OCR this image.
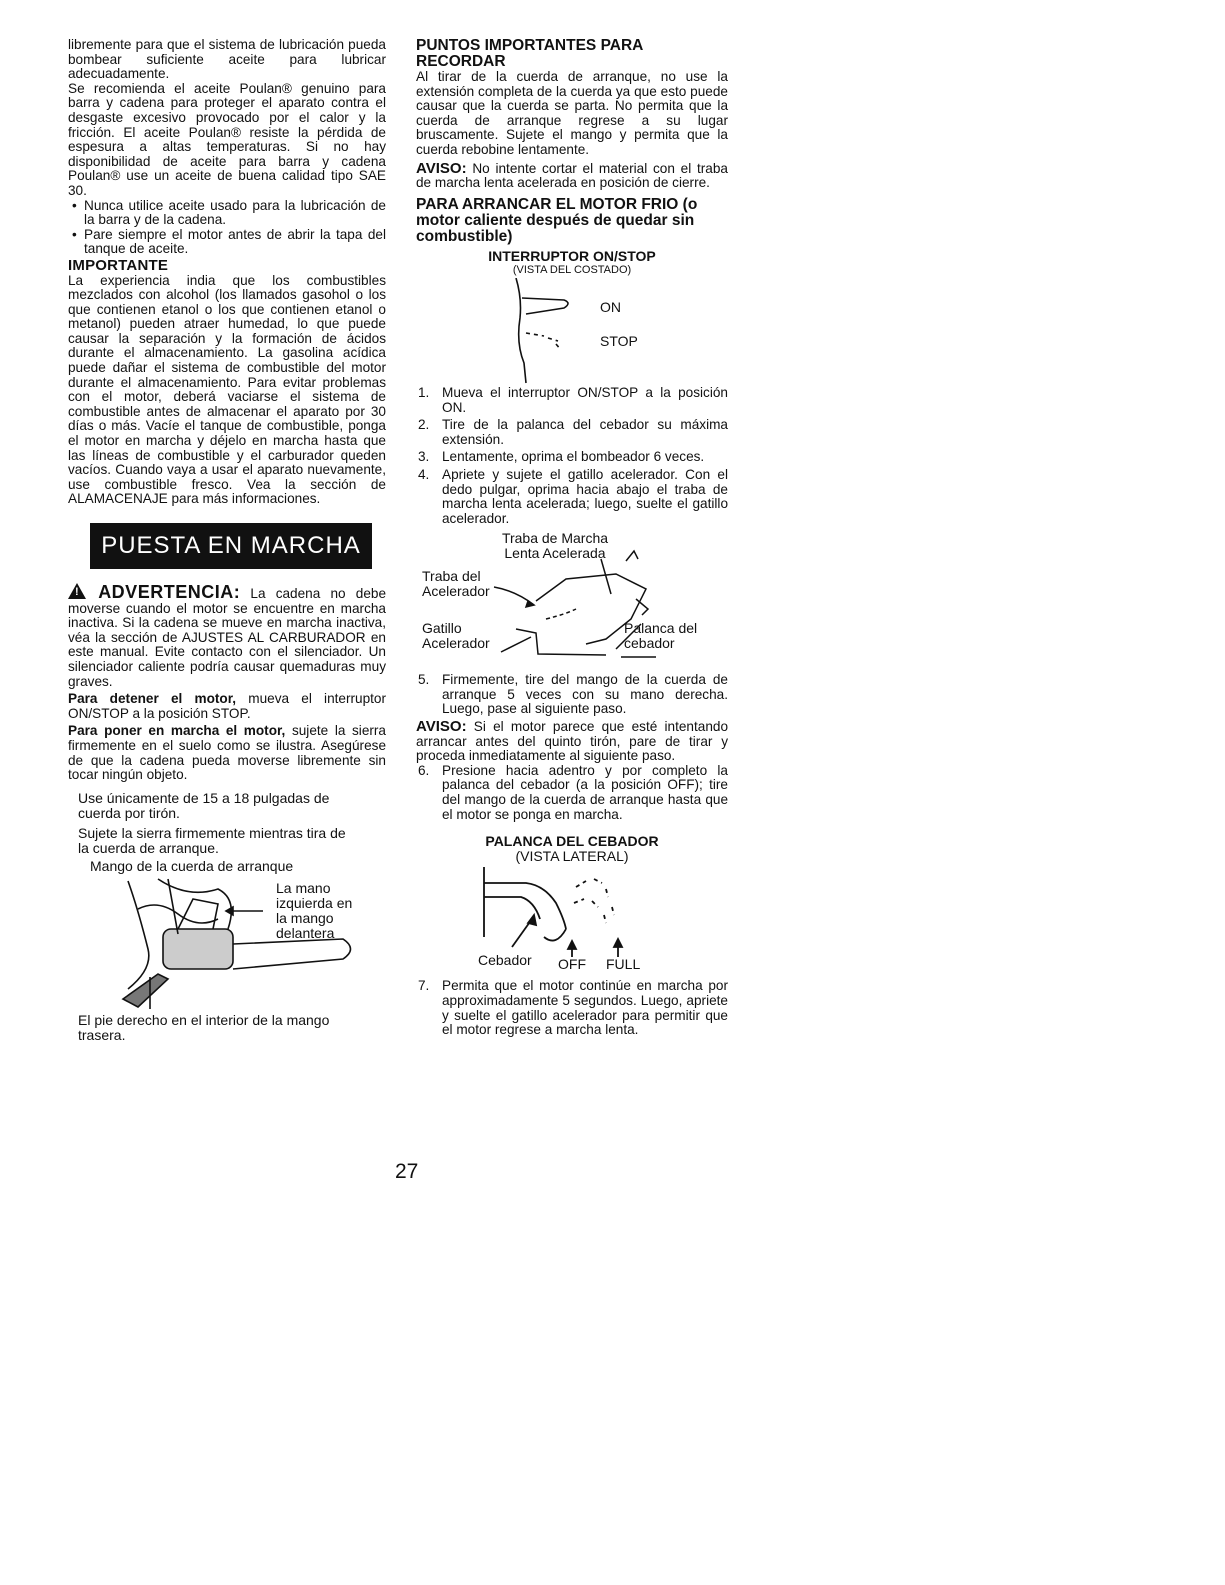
libremente para que el sistema de lubricación pueda bombear suficiente aceite para lubricar adecuadamente.

Se recomienda el aceite Poulan® genuino para barra y cadena para proteger el aparato contra el desgaste excesivo provocado por el calor y la fricción. El aceite Poulan® resiste la pérdida de espesura a altas temperaturas. Si no hay disponibilidad de aceite para barra y cadena Poulan® use un aceite de buena calidad tipo SAE 30.

• Nunca utilice aceite usado para la lubricación de la barra y de la cadena.
• Pare siempre el motor antes de abrir la tapa del tanque de aceite.
IMPORTANTE

La experiencia india que los combustibles mezclados con alcohol (los llamados gasohol o los que contienen etanol o los que contienen etanol o metanol) pueden atraer humedad, lo que puede causar la separación y la formación de ácidos durante el almacenamiento. La gasolina acídica puede dañar el sistema de combustible del motor durante el almacenamiento. Para evitar problemas con el motor, deberá vaciarse el sistema de combustible antes de almacenar el aparato por 30 días o más. Vacíe el tanque de combustible, ponga el motor en marcha y déjelo en marcha hasta que las líneas de combustible y el carburador queden vacíos. Cuando vaya a usar el aparato nuevamente, use combustible fresco. Vea la sección de ALAMACENAJE para más informaciones.

PUESTA EN MARCHA

! ADVERTENCIA: La cadena no debe moverse cuando el motor se encuentre en marcha inactiva. Si la cadena se mueve en marcha inactiva, véa la sección de AJUSTES AL CARBURADOR en este manual. Evite contacto con el silenciador. Un silenciador caliente podría causar quemaduras muy graves.

Para detener el motor, mueva el interruptor ON/STOP a la posición STOP.

Para poner en marcha el motor, sujete la sierra firmemente en el suelo como se ilustra. Asegúrese de que la cadena pueda moverse libremente sin tocar ningún objeto.

Use únicamente de 15 a 18 pulgadas de cuerda por tirón.

Sujete la sierra firmemente mientras tira de la cuerda de arranque.

Mango de la cuerda de arranque
La mano izquierda en la mango delantera

El pie derecho en el interior de la mango trasera.

PUNTOS IMPORTANTES PARA RECORDAR

Al tirar de la cuerda de arranque, no use la extensión completa de la cuerda ya que esto puede causar que la cuerda se parta. No permita que la cuerda de arranque regrese a su lugar bruscamente. Sujete el mango y permita que la cuerda rebobine lentamente.

AVISO: No intente cortar el material con el traba de marcha lenta acelerada en posición de cierre.

PARA ARRANCAR EL MOTOR FRIO (o motor caliente después de quedar sin combustible)
INTERRUPTOR ON/STOP
(VISTA DEL COSTADO)
ON
STOP
1. Mueva el interruptor ON/STOP a la posición ON.
2. Tire de la palanca del cebador su máxima extensión.
3. Lentamente, oprima el bombeador 6 veces.
4. Apriete y sujete el gatillo acelerador. Con el dedo pulgar, oprima hacia abajo el traba de marcha lenta acelerada; luego, suelte el gatillo acelerador.
Traba de Marcha Lenta Acelerada
Traba del Acelerador
Gatillo Acelerador
Palanca del cebador
5. Firmemente, tire del mango de la cuerda de arranque 5 veces con su mano derecha. Luego, pase al siguiente paso.

AVISO: Si el motor parece que esté intentando arrancar antes del quinto tirón, pare de tirar y proceda inmediatamente al siguiente paso.

6. Presione hacia adentro y por completo la palanca del cebador (a la posición OFF); tire del mango de la cuerda de arranque hasta que el motor se ponga en marcha.
PALANCA DEL CEBADOR
(VISTA LATERAL)
Cebador OFF FULL
7. Permita que el motor continúe en marcha por approximadamente 5 segundos. Luego, apriete y suelte el gatillo acelerador para permitir que el motor regrese a marcha lenta.
27
